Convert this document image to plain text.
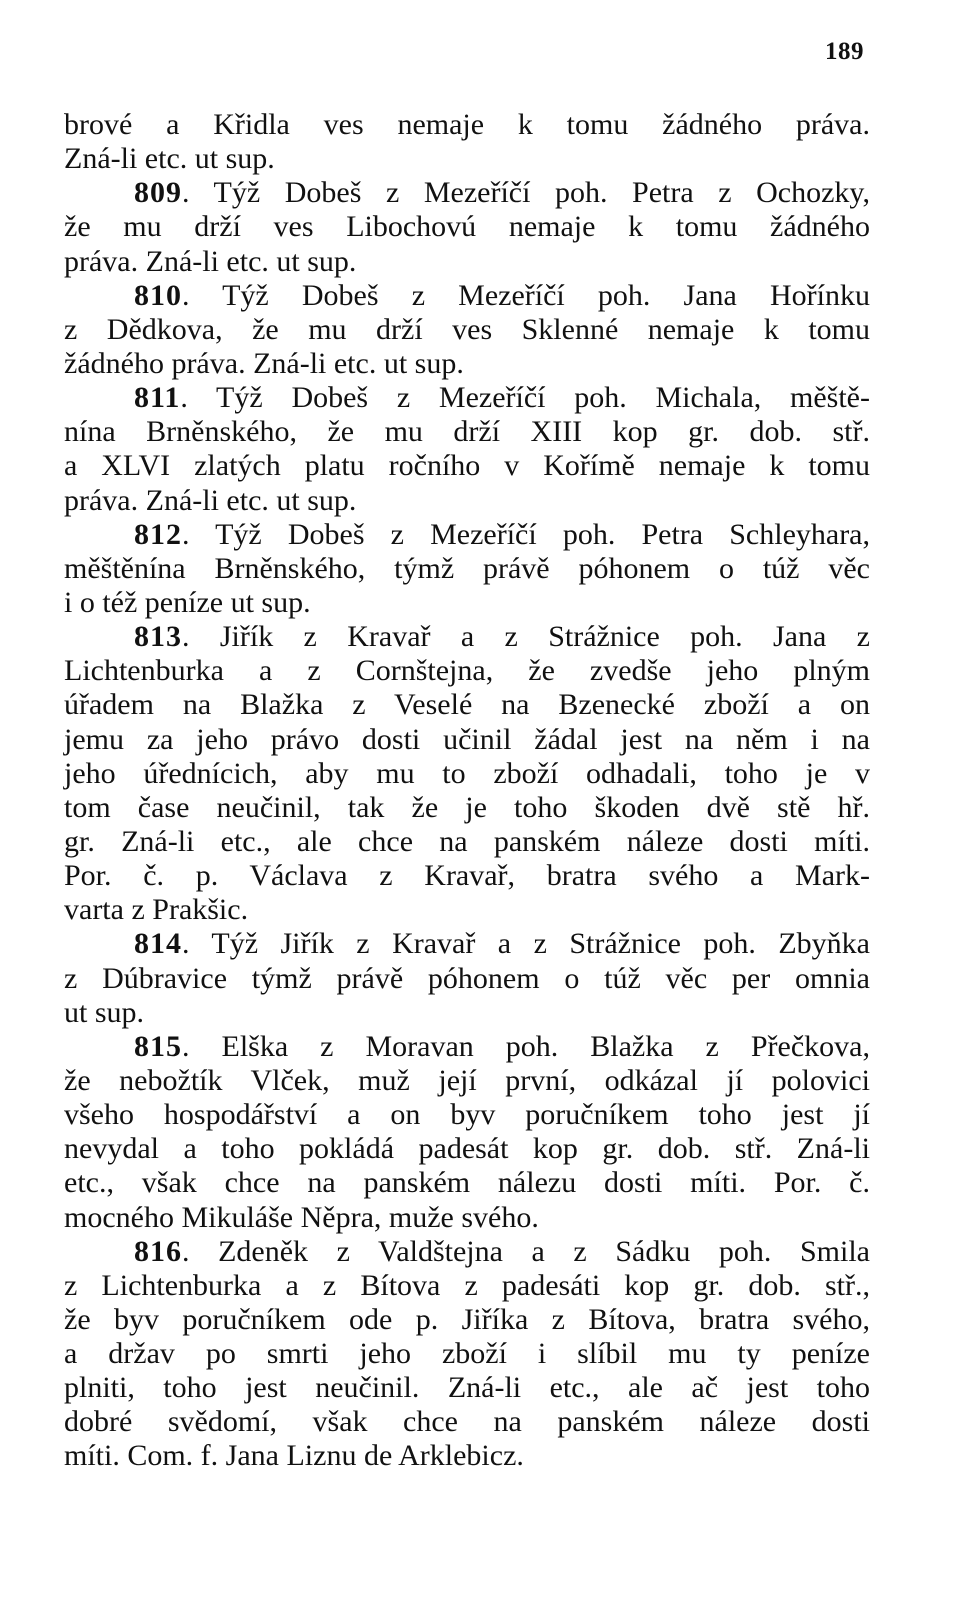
189
brové a Křidla ves nemaje k tomu žádného práva.
Zná-li etc. ut sup.
809. Týž Dobeš z Mezeříčí poh. Petra z Ochozky,
že mu drží ves Libochovú nemaje k tomu žádného
práva. Zná-li etc. ut sup.
810. Týž Dobeš z Mezeříčí poh. Jana Hořínku
z Dědkova, že mu drží ves Sklenné nemaje k tomu
žádného práva. Zná-li etc. ut sup.
811. Týž Dobeš z Mezeříčí poh. Michala, měště-
nína Brněnského, že mu drží XIII kop gr. dob. stř.
a XLVI zlatých platu ročního v Kořímě nemaje k tomu
práva. Zná-li etc. ut sup.
812. Týž Dobeš z Mezeříčí poh. Petra Schleyhara,
měštěnína Brněnského, týmž právě póhonem o túž věc
i o též peníze ut sup.
813. Jiřík z Kravař a z Strážnice poh. Jana z
Lichtenburka a z Cornštejna, že zvedše jeho plným
úřadem na Blažka z Veselé na Bzenecké zboží a on
jemu za jeho právo dosti učinil žádal jest na něm i na
jeho úřednícich, aby mu to zboží odhadali, toho je v
tom čase neučinil, tak že je toho škoden dvě stě hř.
gr. Zná-li etc., ale chce na panském náleze dosti míti.
Por. č. p. Václava z Kravař, bratra svého a Mark-
varta z Prakšic.
814. Týž Jiřík z Kravař a z Strážnice poh. Zbyňka
z Dúbravice týmž právě póhonem o túž věc per omnia
ut sup.
815. Elška z Moravan poh. Blažka z Přečkova,
že nebožtík Vlček, muž její první, odkázal jí polovici
všeho hospodářství a on byv poručníkem toho jest jí
nevydal a toho pokládá padesát kop gr. dob. stř. Zná-li
etc., však chce na panském nálezu dosti míti. Por. č.
mocného Mikuláše Něpra, muže svého.
816. Zdeněk z Valdštejna a z Sádku poh. Smila
z Lichtenburka a z Bítova z padesáti kop gr. dob. stř.,
že byv poručníkem ode p. Jiříka z Bítova, bratra svého,
a držav po smrti jeho zboží i slíbil mu ty peníze
plniti, toho jest neučinil. Zná-li etc., ale ač jest toho
dobré svědomí, však chce na panském náleze dosti
míti. Com. f. Jana Liznu de Arklebicz.
